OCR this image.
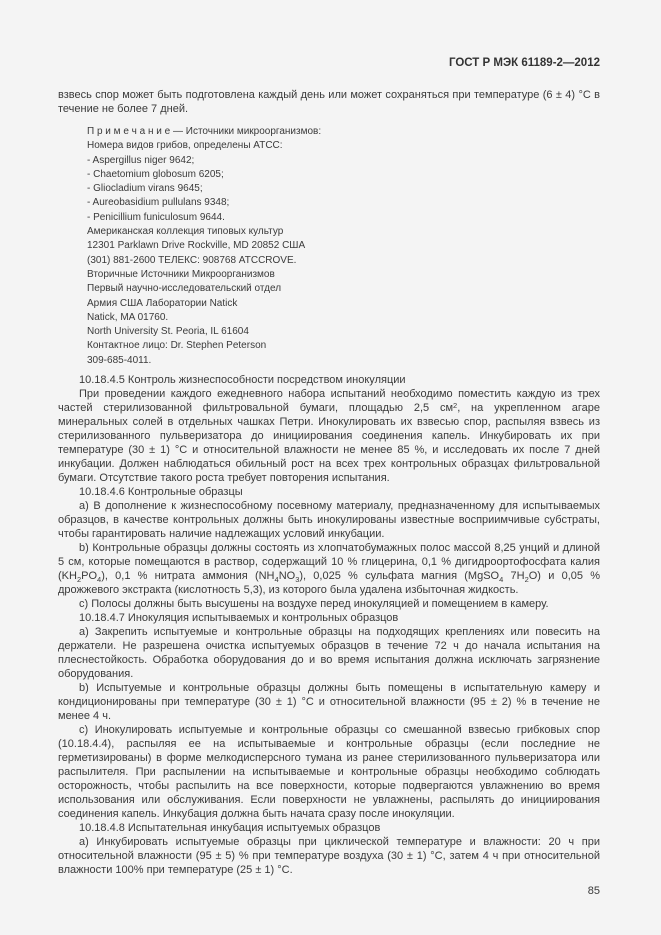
ГОСТ Р МЭК 61189-2—2012
взвесь спор может быть подготовлена каждый день или может сохраняться при температуре (6 ± 4) °С в течение не более 7 дней.
П р и м е ч а н и е — Источники микроорганизмов:
Номера видов грибов, определены ATCC:
- Aspergillus niger 9642;
- Chaetomium globosum 6205;
- Gliocladium virans 9645;
- Aureobasidium pullulans 9348;
- Penicillium funiculosum 9644.
Американская коллекция типовых культур
12301 Parklawn Drive Rockville, MD 20852 США
(301) 881-2600 ТЕЛЕКС: 908768 ATCCROVE.
Вторичные Источники Микроорганизмов
Первый научно-исследовательский отдел
Армия США Лаборатории Natick
Natick, MA 01760.
North University St. Peoria, IL 61604
Контактное лицо: Dr. Stephen Peterson
309-685-4011.
10.18.4.5 Контроль жизнеспособности посредством инокуляции
При проведении каждого ежедневного набора испытаний необходимо поместить каждую из трех частей стерилизованной фильтровальной бумаги, площадью 2,5 $см^2$, на укрепленном агаре минеральных солей в отдельных чашках Петри. Инокулировать их взвесью спор, распыляя взвесь из стерилизованного пульверизатора до инициирования соединения капель. Инкубировать их при температуре (30 ± 1) °С и относительной влажности не менее 85 %, и исследовать их после 7 дней инкубации. Должен наблюдаться обильный рост на всех трех контрольных образцах фильтровальной бумаги. Отсутствие такого роста требует повторения испытания.
10.18.4.6 Контрольные образцы
a) В дополнение к жизнеспособному посевному материалу, предназначенному для испытываемых образцов, в качестве контрольных должны быть инокулированы известные восприимчивые субстраты, чтобы гарантировать наличие надлежащих условий инкубации.
b) Контрольные образцы должны состоять из хлопчатобумажных полос массой 8,25 унций и длиной 5 см, которые помещаются в раствор, содержащий 10 % глицерина, 0,1 % дигидроортофосфата калия $(KH_2PO_4)$, 0,1 % нитрата аммония $(NH_4NO_3)$, 0,025 % сульфата магния (MgSO$_4$ $7H_2O$) и 0,05 % дрожжевого экстракта (кислотность 5,3), из которого была удалена избыточная жидкость.
c) Полосы должны быть высушены на воздухе перед инокуляцией и помещением в камеру.
10.18.4.7 Инокуляция испытываемых и контрольных образцов
a) Закрепить испытуемые и контрольные образцы на подходящих креплениях или повесить на держатели. Не разрешена очистка испытуемых образцов в течение 72 ч до начала испытания на плеснестойкость. Обработка оборудования до и во время испытания должна исключать загрязнение оборудования.
b) Испытуемые и контрольные образцы должны быть помещены в испытательную камеру и кондиционированы при температуре (30 ± 1) °С и относительной влажности (95 ± 2) % в течение не менее 4 ч.
c) Инокулировать испытуемые и контрольные образцы со смешанной взвесью грибковых спор (10.18.4.4), распыляя ее на испытываемые и контрольные образцы (если последние не герметизированы) в форме мелкодисперсного тумана из ранее стерилизованного пульверизатора или распылителя. При распылении на испытываемые и контрольные образцы необходимо соблюдать осторожность, чтобы распылить на все поверхности, которые подвергаются увлажнению во время использования или обслуживания. Если поверхности не увлажнены, распылять до инициирования соединения капель. Инкубация должна быть начата сразу после инокуляции.
10.18.4.8 Испытательная инкубация испытуемых образцов
a) Инкубировать испытуемые образцы при циклической температуре и влажности: 20 ч при относительной влажности (95 ± 5) % при температуре воздуха (30 ± 1) °С, затем 4 ч при относительной влажности 100% при температуре (25 ± 1) °С.
85
